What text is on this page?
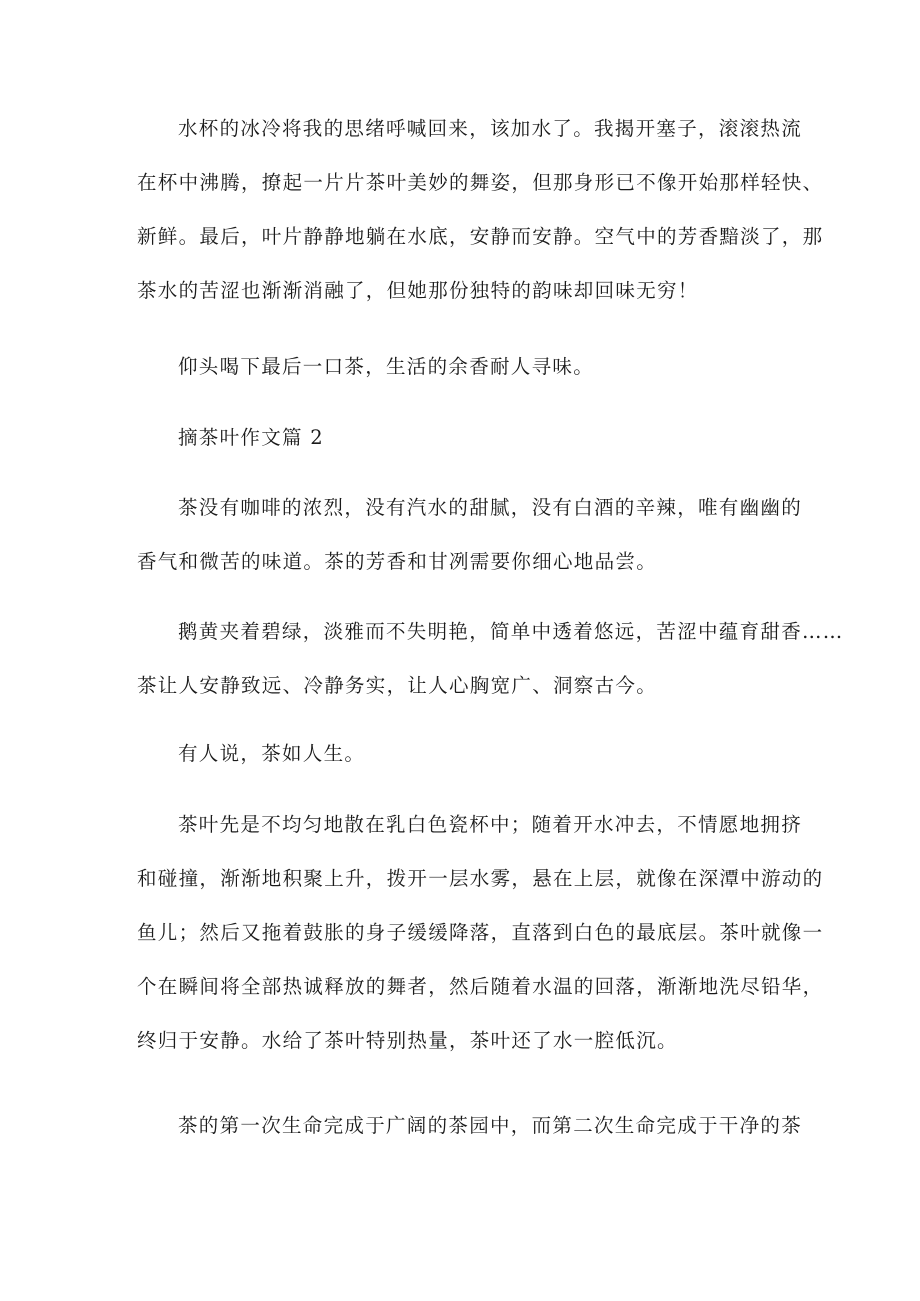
水杯的冰冷将我的思绪呼喊回来，该加水了。我揭开塞子，滚滚热流
在杯中沸腾，撩起一片片茶叶美妙的舞姿，但那身形已不像开始那样轻快、
新鲜。最后，叶片静静地躺在水底，安静而安静。空气中的芳香黯淡了，那
茶水的苦涩也渐渐消融了，但她那份独特的韵味却回味无穷！
仰头喝下最后一口茶，生活的余香耐人寻味。
摘茶叶作文篇 2
茶没有咖啡的浓烈，没有汽水的甜腻，没有白酒的辛辣，唯有幽幽的
香气和微苦的味道。茶的芳香和甘冽需要你细心地品尝。
鹅黄夹着碧绿，淡雅而不失明艳，简单中透着悠远，苦涩中蕴育甜香……
茶让人安静致远、冷静务实，让人心胸宽广、洞察古今。
有人说，茶如人生。
茶叶先是不均匀地散在乳白色瓷杯中；随着开水冲去，不情愿地拥挤
和碰撞，渐渐地积聚上升，拨开一层水雾，悬在上层，就像在深潭中游动的
鱼儿；然后又拖着鼓胀的身子缓缓降落，直落到白色的最底层。茶叶就像一
个在瞬间将全部热诚释放的舞者，然后随着水温的回落，渐渐地洗尽铅华，
终归于安静。水给了茶叶特别热量，茶叶还了水一腔低沉。
茶的第一次生命完成于广阔的茶园中，而第二次生命完成于干净的茶
